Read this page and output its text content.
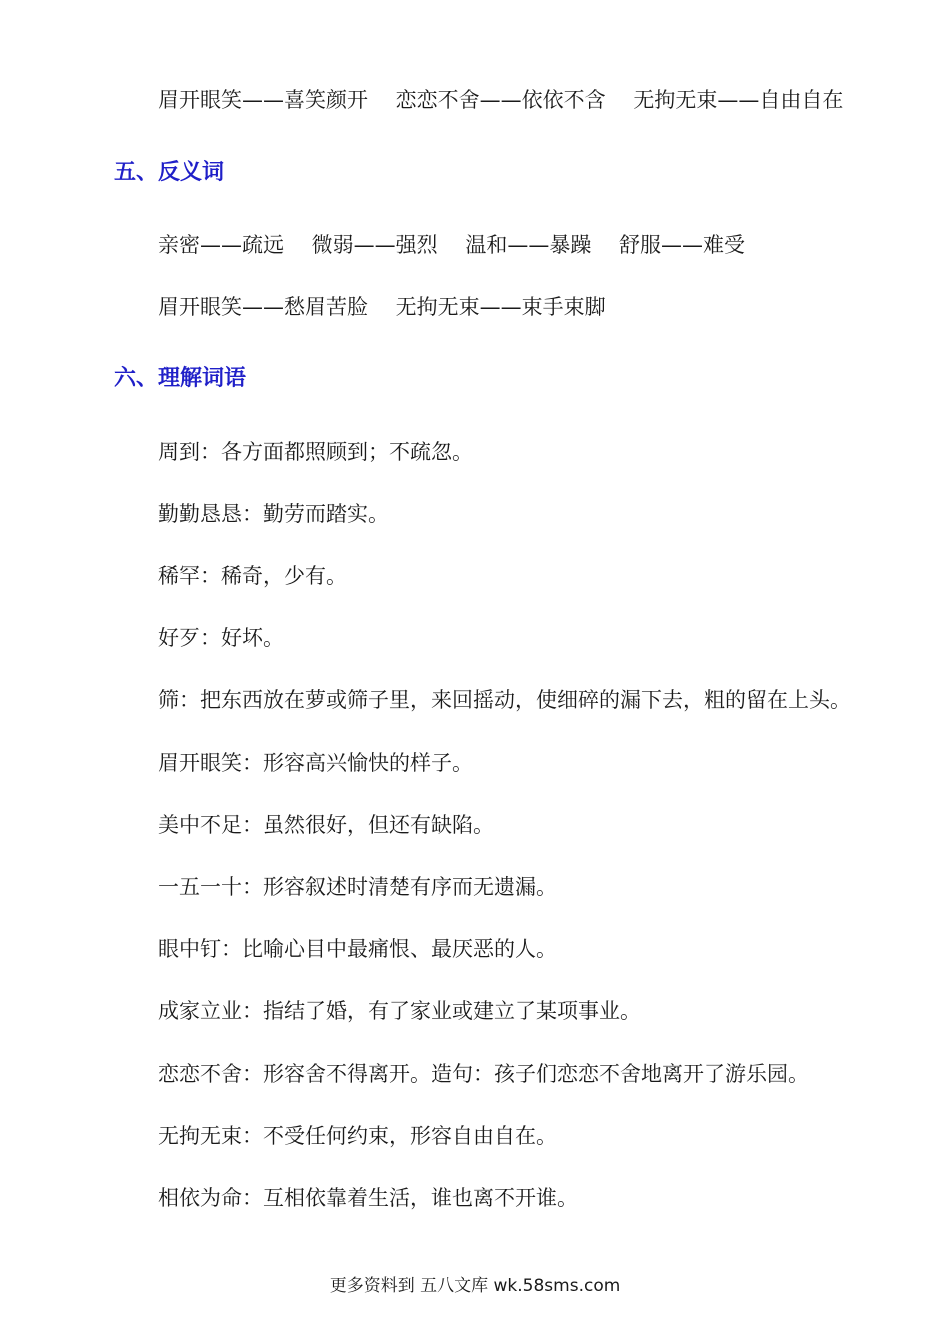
眉开眼笑——喜笑颜开　 恋恋不舍——依依不含　 无拘无束——自由自在
五、反义词
亲密——疏远　 微弱——强烈　 温和——暴躁　 舒服——难受
眉开眼笑——愁眉苦脸　 无拘无束——束手束脚
六、理解词语
周到：各方面都照顾到；不疏忽。
勤勤恳恳：勤劳而踏实。
稀罕：稀奇，少有。
好歹：好坏。
筛：把东西放在萝或筛子里，来回摇动，使细碎的漏下去，粗的留在上头。
眉开眼笑：形容高兴愉快的样子。
美中不足：虽然很好，但还有缺陷。
一五一十：形容叙述时清楚有序而无遗漏。
眼中钉：比喻心目中最痛恨、最厌恶的人。
成家立业：指结了婚，有了家业或建立了某项事业。
恋恋不舍：形容舍不得离开。造句：孩子们恋恋不舍地离开了游乐园。
无拘无束：不受任何约束，形容自由自在。
相依为命：互相依靠着生活，谁也离不开谁。
更多资料到 五八文库 wk.58sms.com
